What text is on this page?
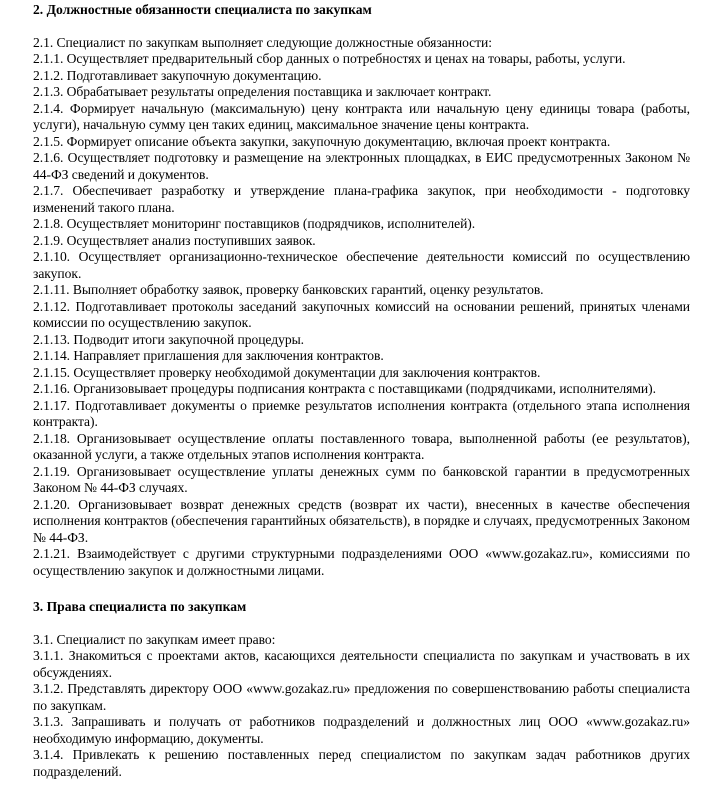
2. Должностные обязанности специалиста по закупкам

2.1. Специалист по закупкам выполняет следующие должностные обязанности:

2.1.1. Осуществляет предварительный сбор данных о потребностях и ценах на товары, работы, услуги.

2.1.2. Подготавливает закупочную документацию.

2.1.3. Обрабатывает результаты определения поставщика и заключает контракт.

2.1.4. Формирует начальную (максимальную) цену контракта или начальную цену единицы товара (работы, услуги), начальную сумму цен таких единиц, максимальное значение цены контракта.

2.1.5. Формирует описание объекта закупки, закупочную документацию, включая проект контракта.

2.1.6. Осуществляет подготовку и размещение на электронных площадках, в ЕИС предусмотренных Законом № 44-ФЗ сведений и документов.

2.1.7. Обеспечивает разработку и утверждение плана-графика закупок, при необходимости - подготовку изменений такого плана.

2.1.8. Осуществляет мониторинг поставщиков (подрядчиков, исполнителей).

2.1.9. Осуществляет анализ поступивших заявок.

2.1.10. Осуществляет организационно-техническое обеспечение деятельности комиссий по осуществлению закупок.

2.1.11. Выполняет обработку заявок, проверку банковских гарантий, оценку результатов.

2.1.12. Подготавливает протоколы заседаний закупочных комиссий на основании решений, принятых членами комиссии по осуществлению закупок.

2.1.13. Подводит итоги закупочной процедуры.

2.1.14. Направляет приглашения для заключения контрактов.

2.1.15. Осуществляет проверку необходимой документации для заключения контрактов.

2.1.16. Организовывает процедуры подписания контракта с поставщиками (подрядчиками, исполнителями).

2.1.17. Подготавливает документы о приемке результатов исполнения контракта (отдельного этапа исполнения контракта).

2.1.18. Организовывает осуществление оплаты поставленного товара, выполненной работы (ее результатов), оказанной услуги, а также отдельных этапов исполнения контракта.

2.1.19. Организовывает осуществление уплаты денежных сумм по банковской гарантии в предусмотренных Законом № 44-ФЗ случаях.

2.1.20. Организовывает возврат денежных средств (возврат их части), внесенных в качестве обеспечения исполнения контрактов (обеспечения гарантийных обязательств), в порядке и случаях, предусмотренных Законом № 44-ФЗ.

2.1.21. Взаимодействует с другими структурными подразделениями ООО «www.gozakaz.ru», комиссиями по осуществлению закупок и должностными лицами.

3. Права специалиста по закупкам

3.1. Специалист по закупкам имеет право:

3.1.1. Знакомиться с проектами актов, касающихся деятельности специалиста по закупкам и участвовать в их обсуждениях.

3.1.2. Представлять директору ООО «www.gozakaz.ru» предложения по совершенствованию работы специалиста по закупкам.

3.1.3. Запрашивать и получать от работников подразделений и должностных лиц ООО «www.gozakaz.ru» необходимую информацию, документы.

3.1.4. Привлекать к решению поставленных перед специалистом по закупкам задач работников других подразделений.
